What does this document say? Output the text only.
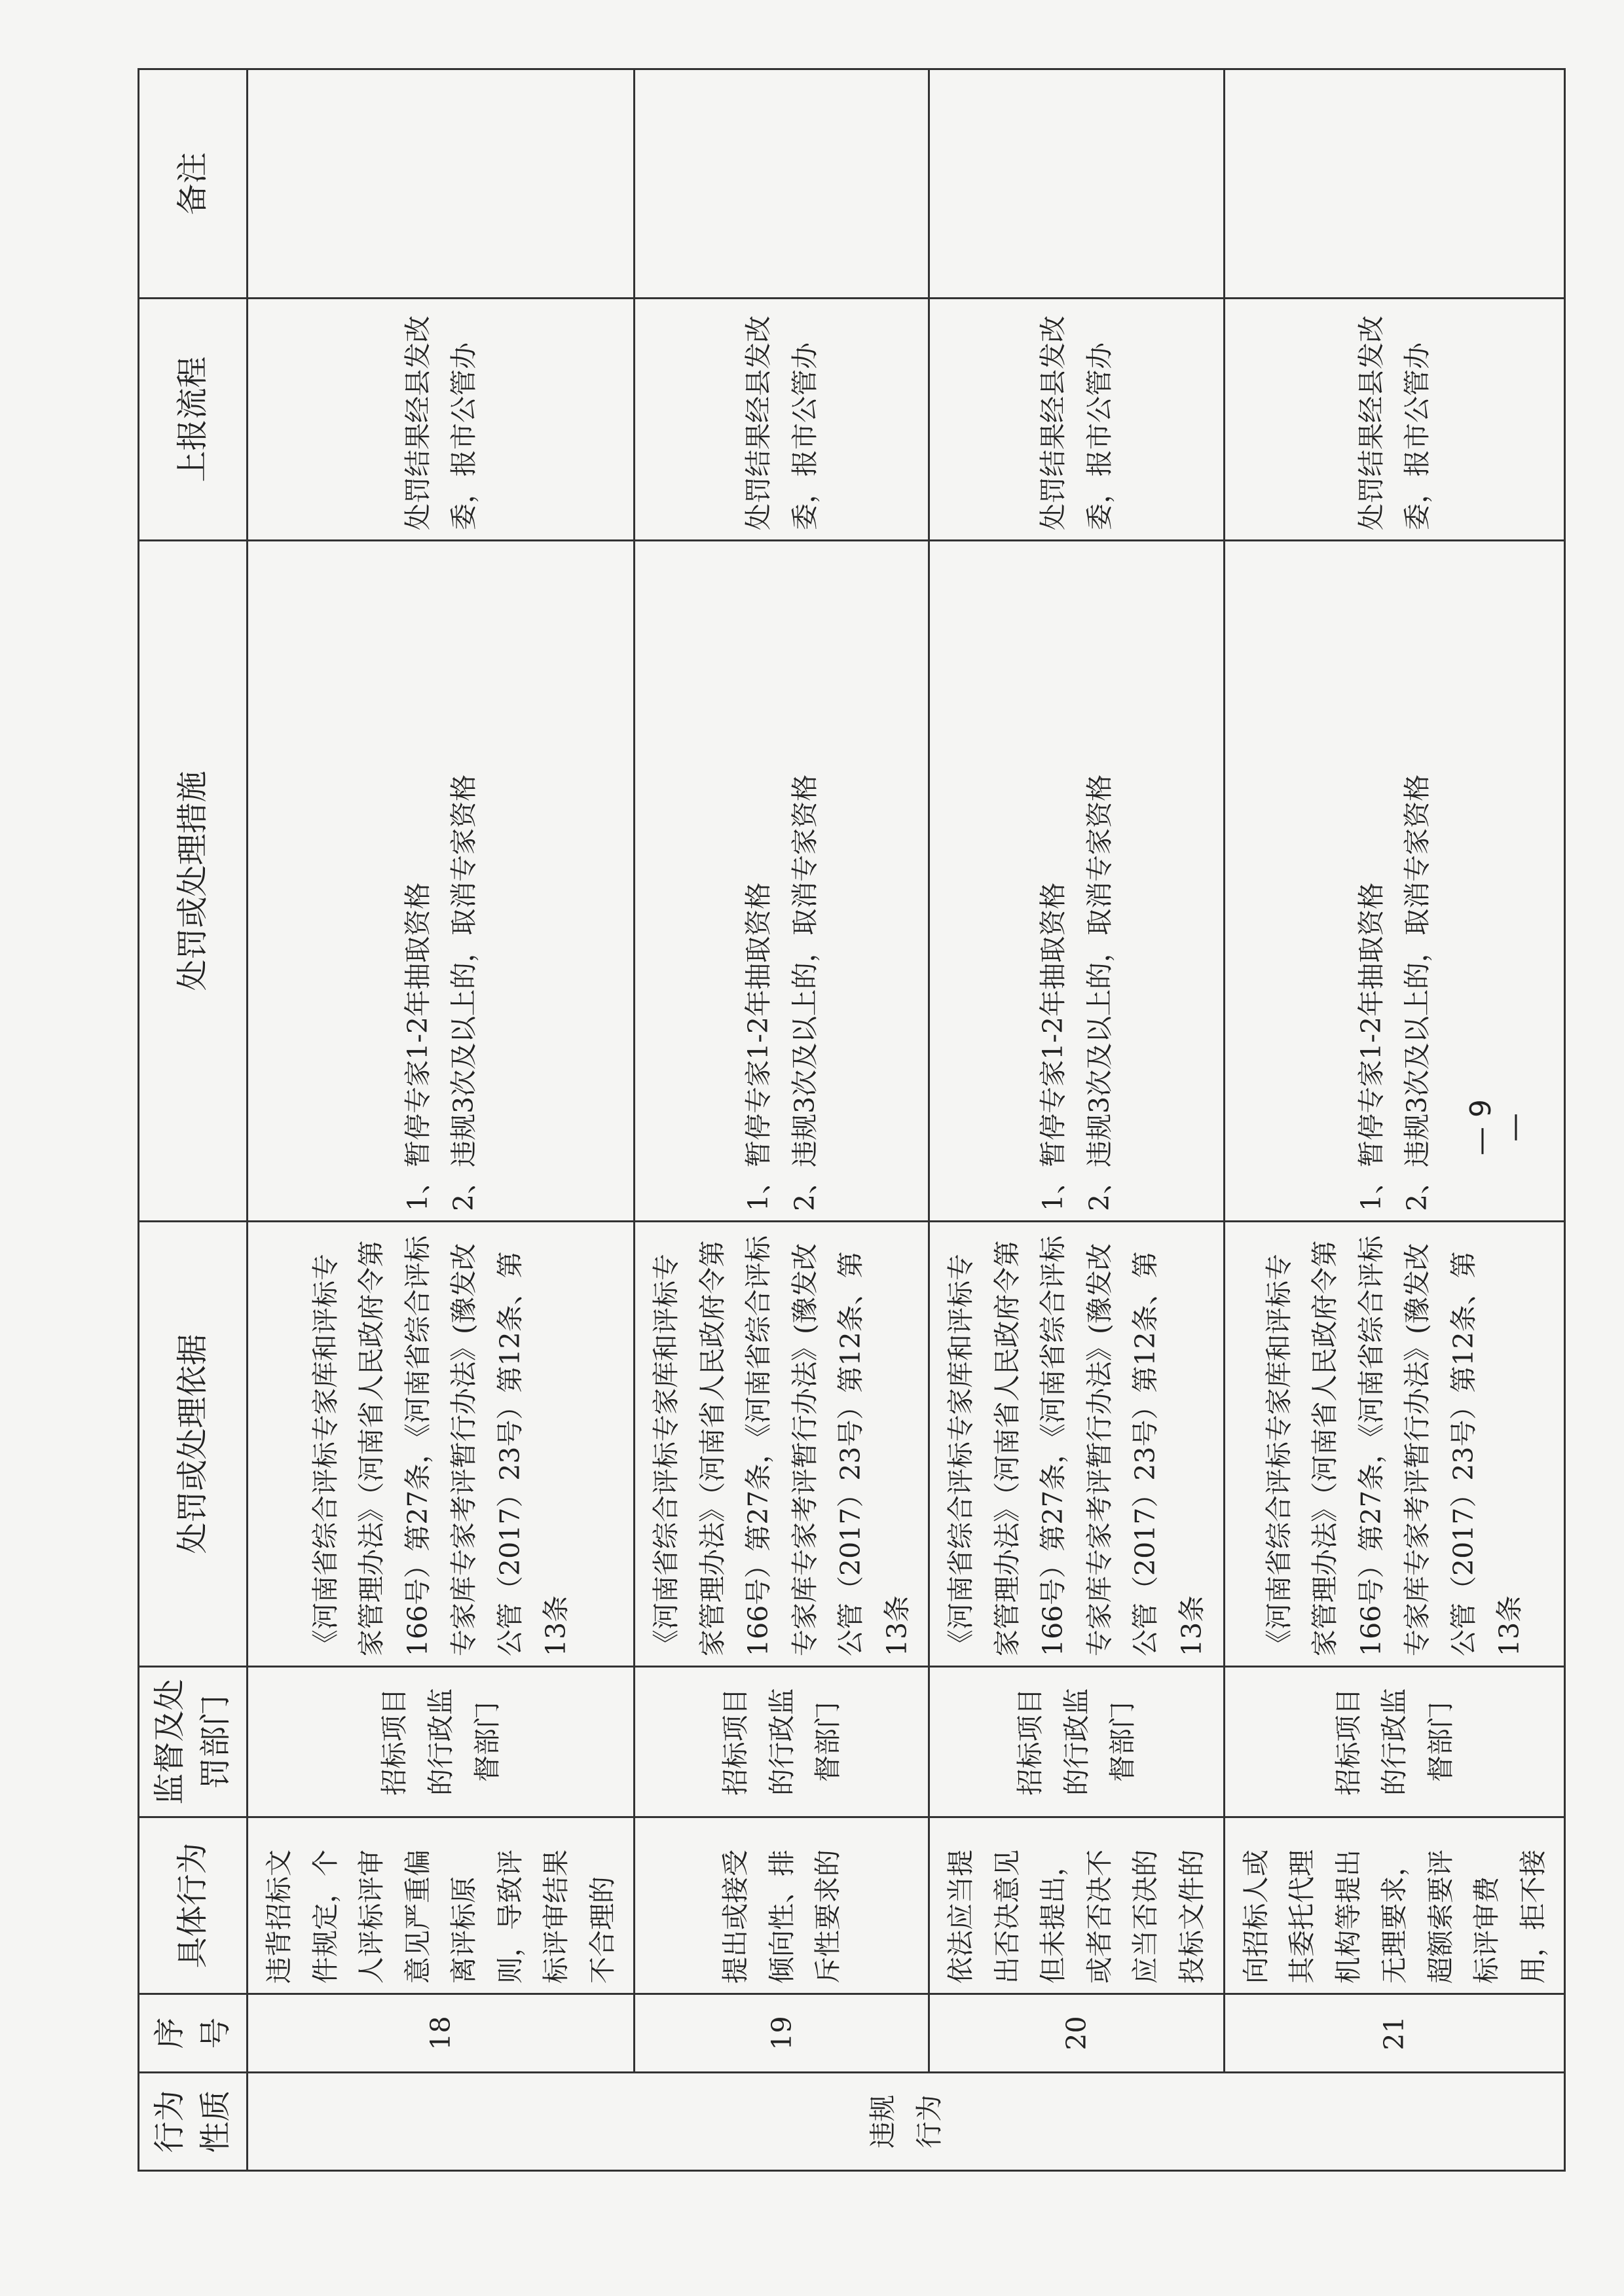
行为性质	序号	具体行为	监督及处罚部门	处罚或处理依据	处罚或处理措施	上报流程	备注
违规行为	18	违背招标文件规定，个人评标评审意见严重偏离评标原则，导致评标评审结果不合理的	招标项目的行政监督部门	《河南省综合评标专家库和评标专家管理办法》（河南省人民政府令第166号）第27条，《河南省综合评标专家库专家考评暂行办法》(豫发改公管（2017）23号）第12条、第13条	1、暂停专家1-2年抽取资格 2、违规3次及以上的，取消专家资格	处罚结果经县发改委，报市公管办	
	19	提出或接受倾向性、排斥性要求的	招标项目的行政监督部门	《河南省综合评标专家库和评标专家管理办法》（河南省人民政府令第166号）第27条，《河南省综合评标专家库专家考评暂行办法》(豫发改公管（2017）23号）第12条、第13条	1、暂停专家1-2年抽取资格 2、违规3次及以上的，取消专家资格	处罚结果经县发改委，报市公管办	
	20	依法应当提出否决意见但未提出，或者否决不应当否决的投标文件的	招标项目的行政监督部门	《河南省综合评标专家库和评标专家管理办法》（河南省人民政府令第166号）第27条，《河南省综合评标专家库专家考评暂行办法》(豫发改公管（2017）23号）第12条、第13条	1、暂停专家1-2年抽取资格 2、违规3次及以上的，取消专家资格	处罚结果经县发改委，报市公管办	
	21	向招标人或其委托代理机构等提出无理要求，超额索要评标评审费用，拒不接	招标项目的行政监督部门	《河南省综合评标专家库和评标专家管理办法》（河南省人民政府令第166号）第27条，《河南省综合评标专家库专家考评暂行办法》(豫发改公管（2017）23号）第12条、第13条	1、暂停专家1-2年抽取资格 2、违规3次及以上的，取消专家资格	处罚结果经县发改委，报市公管办	
— 9 —
